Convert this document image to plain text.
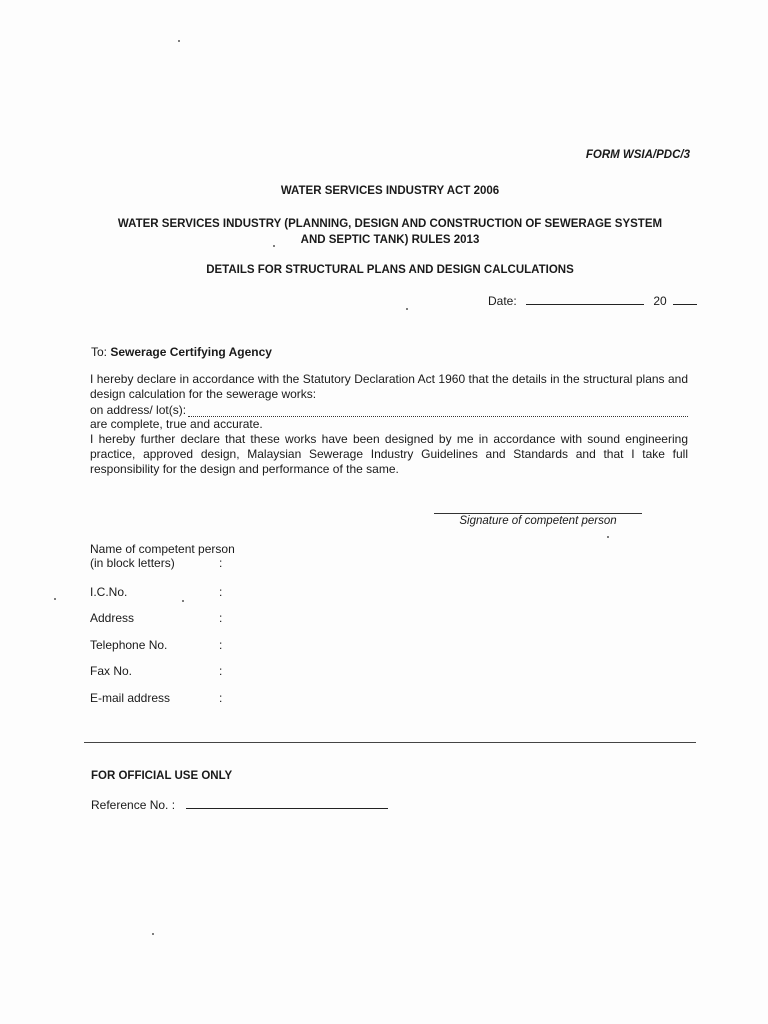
FORM WSIA/PDC/3
WATER SERVICES INDUSTRY ACT 2006
WATER SERVICES INDUSTRY (PLANNING, DESIGN AND CONSTRUCTION OF SEWERAGE SYSTEM
AND SEPTIC TANK) RULES 2013
DETAILS FOR STRUCTURAL PLANS AND DESIGN CALCULATIONS
Date:	20
To: Sewerage Certifying Agency
I hereby declare in accordance with the Statutory Declaration Act 1960 that the details in the structural plans and design calculation for the sewerage works:
on address/ lot(s):
are complete, true and accurate.
I hereby further declare that these works have been designed by me in accordance with sound engineering practice, approved design, Malaysian Sewerage Industry Guidelines and Standards and that I take full responsibility for the design and performance of the same.
Signature of competent person
Name of competent person
(in block letters)	:
I.C.No.	:
Address	:
Telephone No.	:
Fax No.	:
E-mail address	:
FOR OFFICIAL USE ONLY
Reference No. :
